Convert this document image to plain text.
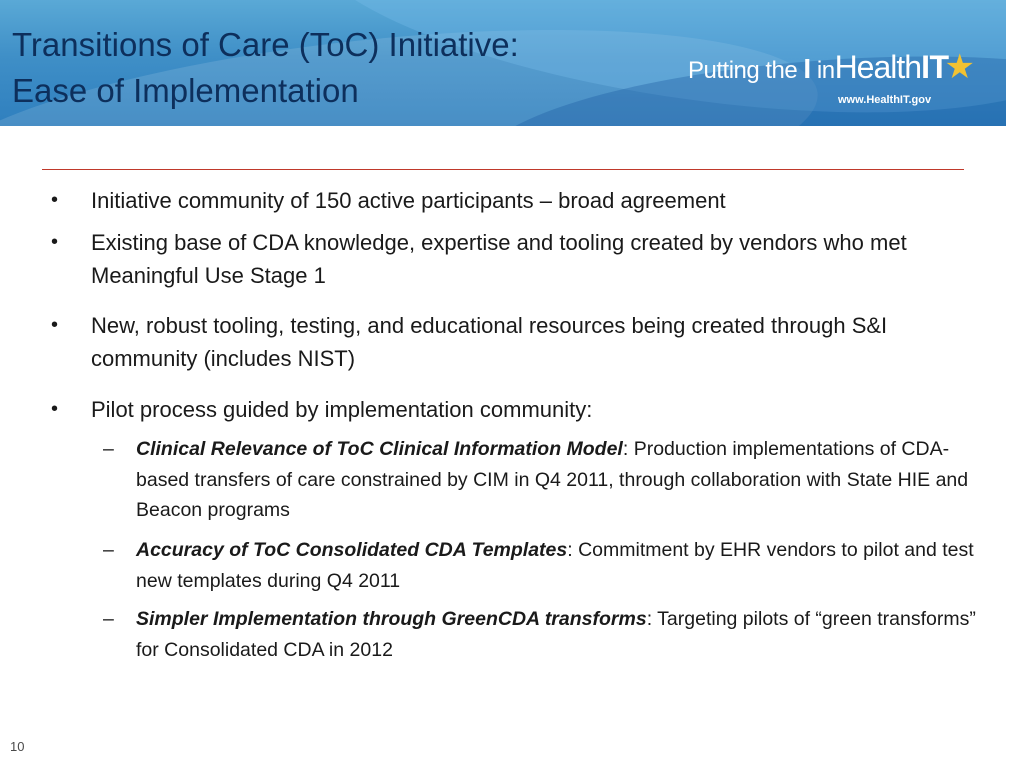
Transitions of Care (ToC) Initiative:
Ease of Implementation
Putting the I inHealthIT★
www.HealthIT.gov
• Initiative community of 150 active participants – broad agreement
• Existing base of CDA knowledge, expertise and tooling created by vendors who met Meaningful Use Stage 1
• New, robust tooling, testing, and educational resources being created through S&I community (includes NIST)
• Pilot process guided by implementation community:
– Clinical Relevance of ToC Clinical Information Model: Production implementations of CDA-based transfers of care constrained by CIM in Q4 2011, through collaboration with State HIE and Beacon programs
– Accuracy of ToC Consolidated CDA Templates: Commitment by EHR vendors to pilot and test new templates during Q4 2011
– Simpler Implementation through GreenCDA transforms: Targeting pilots of “green transforms” for Consolidated CDA in 2012
10
